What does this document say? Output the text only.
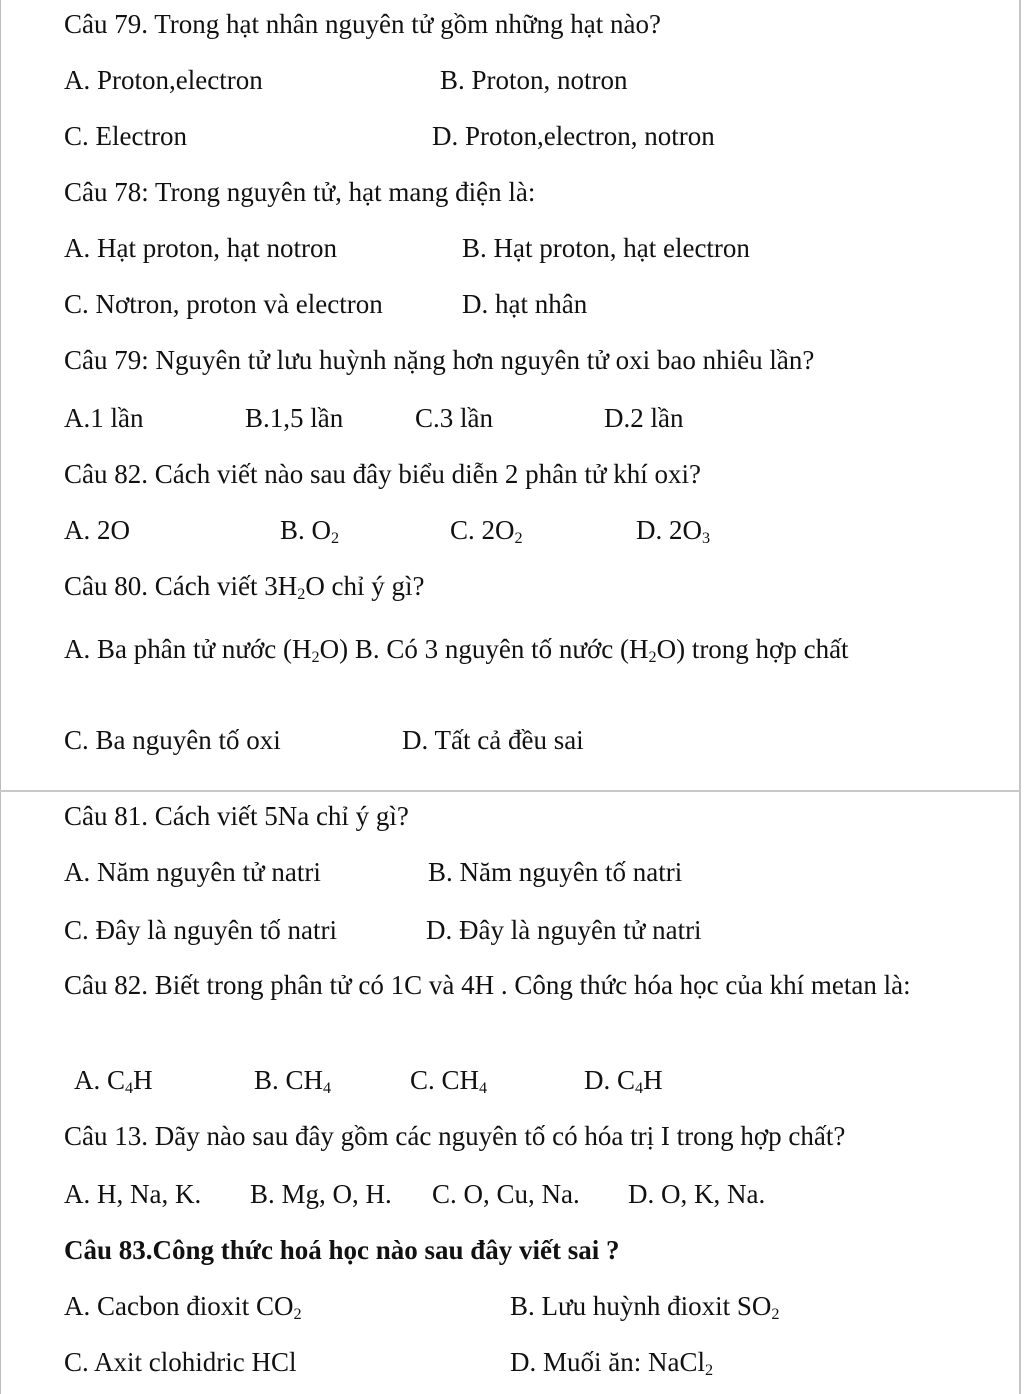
Câu 79. Trong hạt nhân nguyên tử gồm những hạt nào?
A. Proton,electron	B. Proton, notron
C. Electron	D. Proton,electron, notron
Câu 78: Trong nguyên tử, hạt mang điện là:
A. Hạt proton, hạt notron	B. Hạt proton, hạt electron
C. Nơtron, proton và electron	D. hạt nhân
Câu 79: Nguyên tử lưu huỳnh nặng hơn nguyên tử oxi bao nhiêu lần?
A.1 lần	B.1,5 lần	C.3 lần	D.2 lần
Câu 82. Cách viết nào sau đây biểu diễn 2 phân tử khí oxi?
A. 2O	B. $O_2$	C. $2O_2$	D. $2O_3$
Câu 80. Cách viết $3H_2O$ chỉ ý gì?
A. Ba phân tử nước $(H_2O)$ B. Có 3 nguyên tố nước $(H_2O)$ trong hợp chất
C. Ba nguyên tố oxi	D. Tất cả đều sai
Câu 81. Cách viết 5Na chỉ ý gì?
A. Năm nguyên tử natri	B. Năm nguyên tố natri
C. Đây là nguyên tố natri	D. Đây là nguyên tử natri
Câu 82. Biết trong phân tử có 1C và 4H . Công thức hóa học của khí metan là:
A. $C_4H$	B. $CH_4$	C. $CH_4$	D. $C_4H$
Câu 13. Dãy nào sau đây gồm các nguyên tố có hóa trị I trong hợp chất?
A. H, Na, K. B. Mg, O, H. C. O, Cu, Na. D. O, K, Na.
Câu 83.Công thức hoá học nào sau đây viết sai ?
A. Cacbon đioxit $CO_2$	B. Lưu huỳnh đioxit $SO_2$
C. Axit clohidric HCl	D. Muối ăn: NaCl$_2$
